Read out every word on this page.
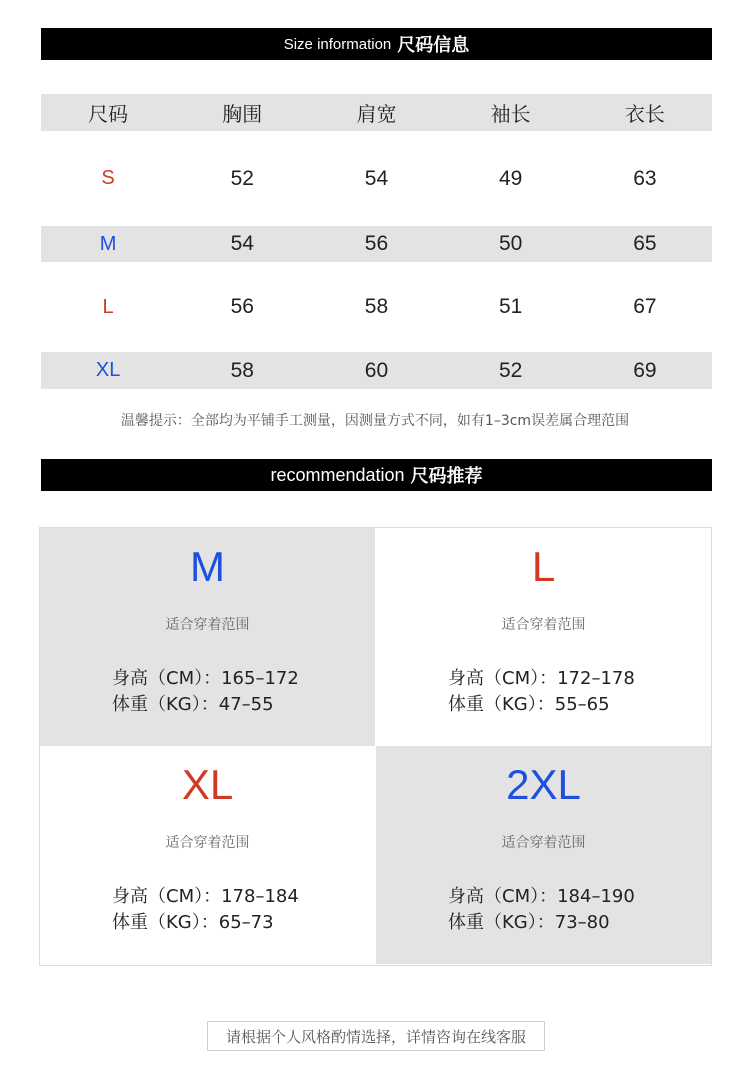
Size information 尺码信息
尺码	胸围	肩宽	袖长	衣长
S	52	54	49	63
M	54	56	50	65
L	56	58	51	67
XL	58	60	52	69
温馨提示：全部均为平铺手工测量，因测量方式不同，如有1–3cm误差属合理范围
recommendation 尺码推荐
M
适合穿着范围
身高（CM）：165–172
体重（KG）：47–55
L
适合穿着范围
身高（CM）：172–178
体重（KG）：55–65
XL
适合穿着范围
身高（CM）：178–184
体重（KG）：65–73
2XL
适合穿着范围
身高（CM）：184–190
体重（KG）：73–80
请根据个人风格酌情选择，详情咨询在线客服
